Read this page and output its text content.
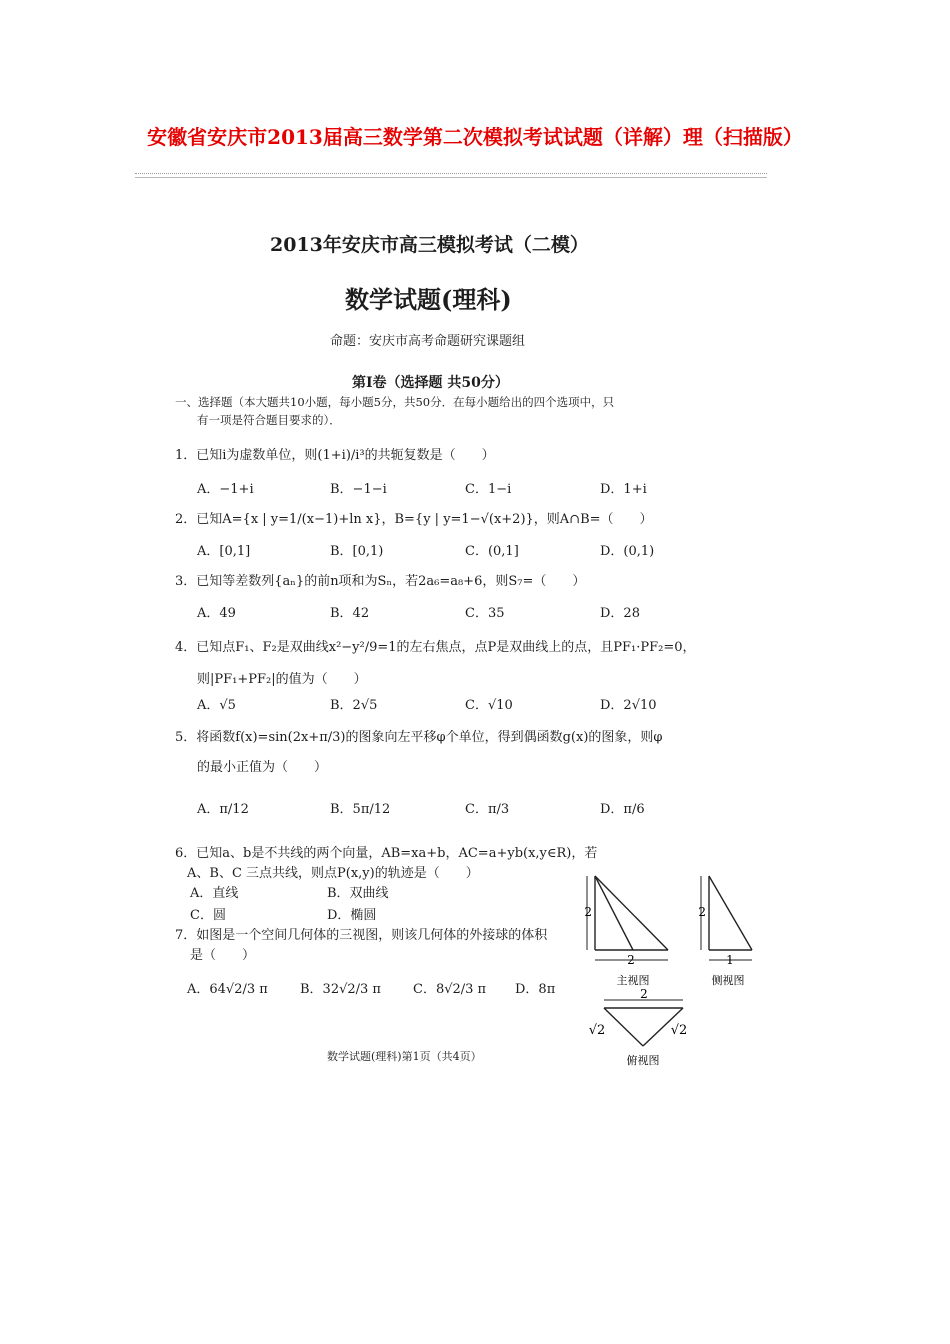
安徽省安庆市2013届高三数学第二次模拟考试试题（详解）理（扫描版）
2013年安庆市高三模拟考试（二模）
数学试题(理科)
命题：安庆市高考命题研究课题组
第Ⅰ卷（选择题 共50分）
一、选择题（本大题共10小题，每小题5分，共50分．在每小题给出的四个选项中，只
有一项是符合题目要求的）．
1．已知i为虚数单位，则(1+i)/i³的共轭复数是（　　）
A．−1+i	B．−1−i	C．1−i	D．1+i
2．已知A={x | y=1/(x−1)+ln x}，B={y | y=1−√(x+2)}，则A∩B=（　　）
A．[0,1]	B．[0,1)	C．(0,1]	D．(0,1)
3．已知等差数列{aₙ}的前n项和为Sₙ，若2a₆=a₈+6，则S₇=（　　）
A．49	B．42	C．35	D．28
4．已知点F₁、F₂是双曲线x²−y²/9=1的左右焦点，点P是双曲线上的点，且PF₁·PF₂=0，
则|PF₁+PF₂|的值为（　　）
A．√5	B．2√5	C．√10	D．2√10
5．将函数f(x)=sin(2x+π/3)的图象向左平移φ个单位，得到偶函数g(x)的图象，则φ
的最小正值为（　　）
A．π/12	B．5π/12	C．π/3	D．π/6
6．已知a、b是不共线的两个向量，AB=xa+b，AC=a+yb(x,y∈R)，若
A、B、C 三点共线，则点P(x,y)的轨迹是（　　）
A．直线	B．双曲线
C．圆	D．椭圆
7．如图是一个空间几何体的三视图，则该几何体的外接球的体积
是（　　）
A．64√2/3 π B．32√2/3 π C．8√2/3 π D．8π
2
2
2
1
2
√2	√2
主视图	侧视图
俯视图
数学试题(理科)第1页（共4页）
